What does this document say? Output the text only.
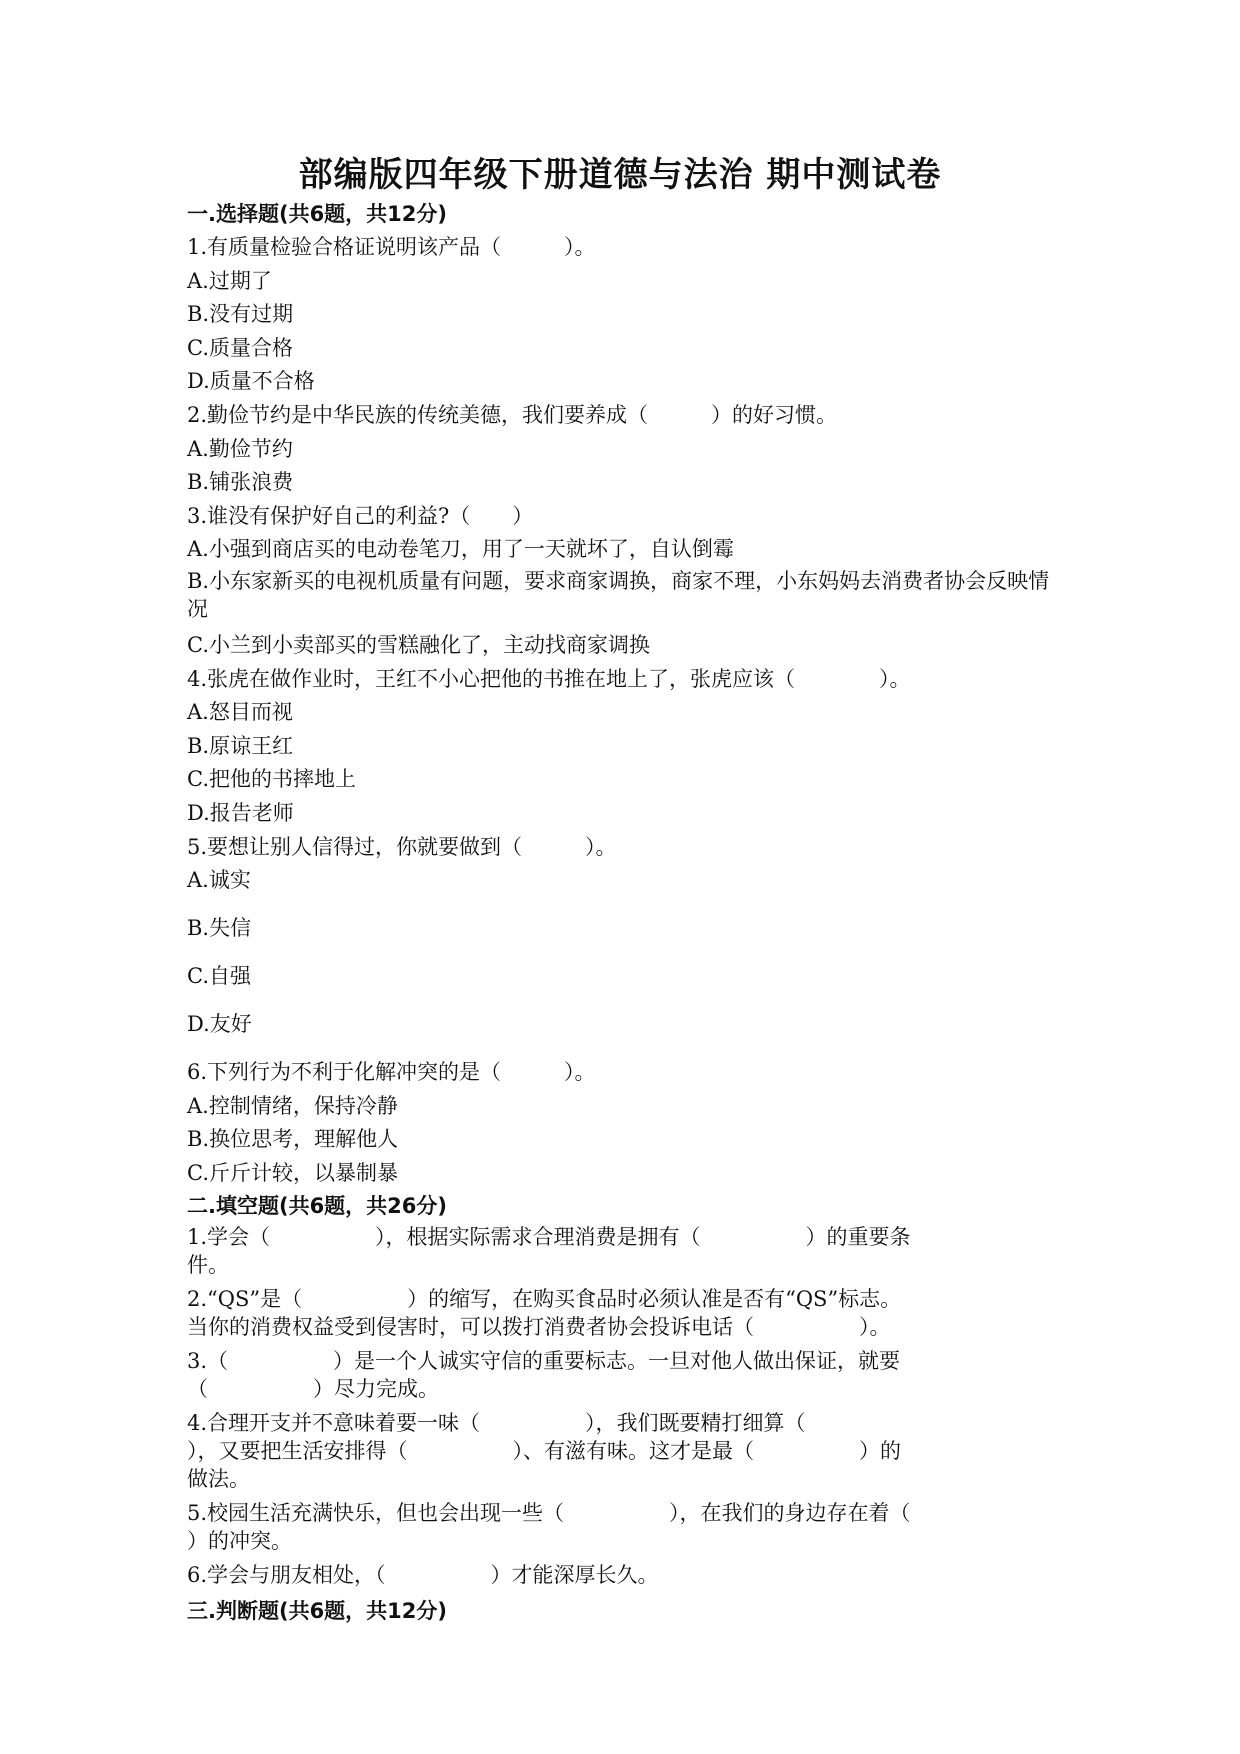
部编版四年级下册道德与法治 期中测试卷
一.选择题(共6题，共12分)

1.有质量检验合格证说明该产品（　　　）。

A.过期了

B.没有过期

C.质量合格

D.质量不合格

2.勤俭节约是中华民族的传统美德，我们要养成（　　　）的好习惯。

A.勤俭节约

B.铺张浪费

3.谁没有保护好自己的利益?（　　）

A.小强到商店买的电动卷笔刀，用了一天就坏了，自认倒霉

B.小东家新买的电视机质量有问题，要求商家调换，商家不理，小东妈妈去消费者协会反映情况

C.小兰到小卖部买的雪糕融化了，主动找商家调换

4.张虎在做作业时，王红不小心把他的书推在地上了，张虎应该（　　　　）。

A.怒目而视

B.原谅王红

C.把他的书摔地上

D.报告老师

5.要想让别人信得过，你就要做到（　　　）。

A.诚实

B.失信

C.自强

D.友好

6.下列行为不利于化解冲突的是（　　　）。

A.控制情绪，保持冷静

B.换位思考，理解他人

C.斤斤计较，以暴制暴

二.填空题(共6题，共26分)

1.学会（　　　　　），根据实际需求合理消费是拥有（　　　　　）的重要条

件。

2.“QS”是（　　　　　）的缩写，在购买食品时必须认准是否有“QS”标志。

当你的消费权益受到侵害时，可以拨打消费者协会投诉电话（　　　　　）。

3.（　　　　　）是一个人诚实守信的重要标志。一旦对他人做出保证，就要

（　　　　　）尽力完成。

4.合理开支并不意味着要一味（　　　　　），我们既要精打细算（

），又要把生活安排得（　　　　　）、有滋有味。这才是最（　　　　　）的

做法。

5.校园生活充满快乐，但也会出现一些（　　　　　），在我们的身边存在着（

）的冲突。

6.学会与朋友相处，（　　　　　）才能深厚长久。

三.判断题(共6题，共12分)
